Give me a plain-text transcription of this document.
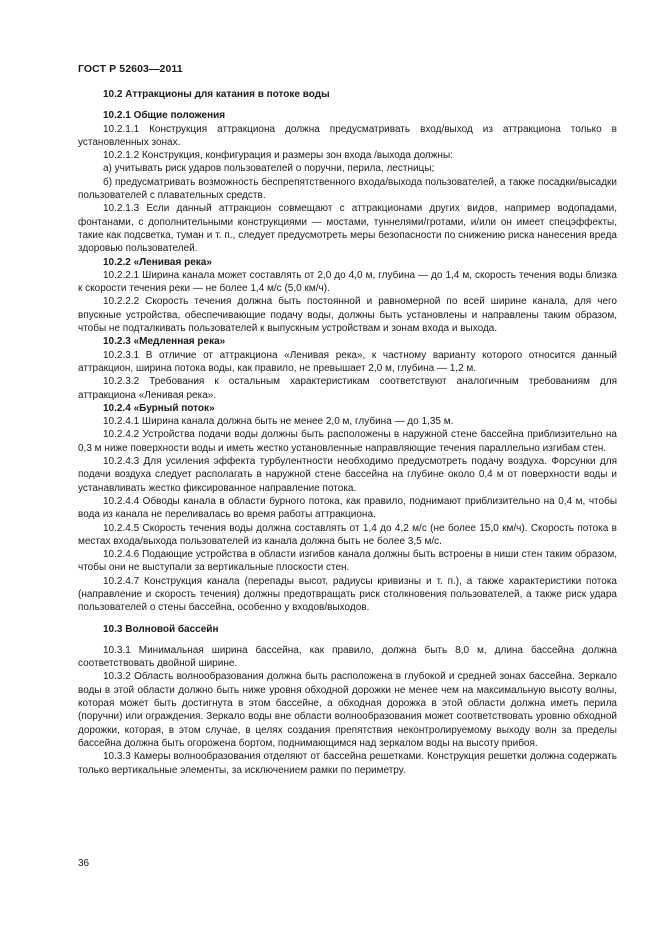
ГОСТ Р 52603—2011
10.2 Аттракционы для катания в потоке воды
10.2.1 Общие положения

10.2.1.1 Конструкция аттракциона должна предусматривать вход/выход из аттракциона только в установленных зонах.

10.2.1.2 Конструкция, конфигурация и размеры зон входа /выхода должны:

а) учитывать риск ударов пользователей о поручни, перила, лестницы;

б) предусматривать возможность беспрепятственного входа/выхода пользователей, а также посадки/высадки пользователей с плавательных средств.

10.2.1.3 Если данный аттракцион совмещают с аттракционами других видов, например водопадами, фонтанами, с дополнительными конструкциями — мостами, туннелями/гротами, и/или он имеет спецэффекты, такие как подсветка, туман и т. п., следует предусмотреть меры безопасности по снижению риска нанесения вреда здоровью пользователей.

10.2.2 «Ленивая река»

10.2.2.1 Ширина канала может составлять от 2,0 до 4,0 м, глубина — до 1,4 м, скорость течения воды близка к скорости течения реки — не более 1,4 м/с (5,0 км/ч).

10.2.2.2 Скорость течения должна быть постоянной и равномерной по всей ширине канала, для чего впускные устройства, обеспечивающие подачу воды, должны быть установлены и направлены таким образом, чтобы не подталкивать пользователей к выпускным устройствам и зонам входа и выхода.

10.2.3 «Медленная река»

10.2.3.1 В отличие от аттракциона «Ленивая река», к частному варианту которого относится данный аттракцион, ширина потока воды, как правило, не превышает 2,0 м, глубина — 1,2 м.

10.2.3.2 Требования к остальным характеристикам соответствуют аналогичным требованиям для аттракциона «Ленивая река».

10.2.4 «Бурный поток»

10.2.4.1 Ширина канала должна быть не менее 2,0 м, глубина — до 1,35 м.

10.2.4.2 Устройства подачи воды должны быть расположены в наружной стене бассейна приблизительно на 0,3 м ниже поверхности воды и иметь жестко установленные направляющие течения параллельно изгибам стен.

10.2.4.3 Для усиления эффекта турбулентности необходимо предусмотреть подачу воздуха. Форсунки для подачи воздуха следует располагать в наружной стене бассейна на глубине около 0,4 м от поверхности воды и устанавливать жестко фиксированное направление потока.

10.2.4.4 Обводы канала в области бурного потока, как правило, поднимают приблизительно на 0,4 м, чтобы вода из канала не переливалась во время работы аттракциона.

10.2.4.5 Скорость течения воды должна составлять от 1,4 до 4,2 м/с (не более 15,0 км/ч). Скорость потока в местах входа/выхода пользователей из канала должна быть не более 3,5 м/с.

10.2.4.6 Подающие устройства в области изгибов канала должны быть встроены в ниши стен таким образом, чтобы они не выступали за вертикальные плоскости стен.

10.2.4.7 Конструкция канала (перепады высот, радиусы кривизны и т. п.), а также характеристики потока (направление и скорость течения) должны предотвращать риск столкновения пользователей, а также риск удара пользователей о стены бассейна, особенно у входов/выходов.

10.3 Волновой бассейн

10.3.1 Минимальная ширина бассейна, как правило, должна быть 8,0 м, длина бассейна должна соответствовать двойной ширине.

10.3.2 Область волнообразования должна быть расположена в глубокой и средней зонах бассейна. Зеркало воды в этой области должно быть ниже уровня обходной дорожки не менее чем на максимальную высоту волны, которая может быть достигнута в этом бассейне, а обходная дорожка в этой области должна иметь перила (поручни) или ограждения. Зеркало воды вне области волнообразования может соответствовать уровню обходной дорожки, которая, в этом случае, в целях создания препятствия неконтролируемому выходу волн за пределы бассейна должна быть огорожена бортом, поднимающимся над зеркалом воды на высоту прибоя.

10.3.3 Камеры волнообразования отделяют от бассейна решетками. Конструкция решетки должна содержать только вертикальные элементы, за исключением рамки по периметру.

36
